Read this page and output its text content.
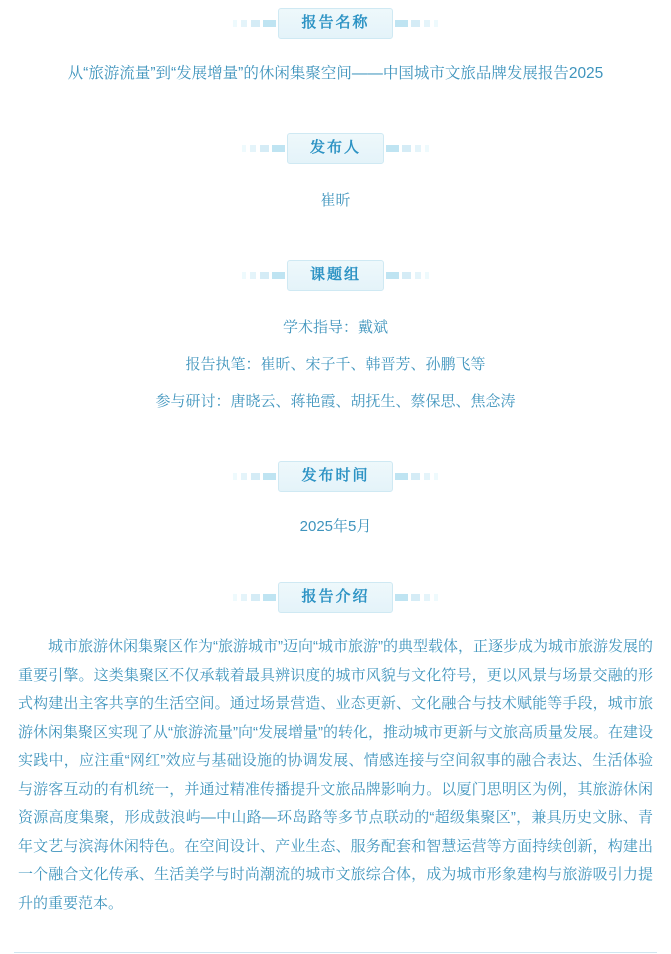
报告名称
从“旅游流量”到“发展增量”的休闲集聚空间——中国城市文旅品牌发展报告2025
发布人
崔昕
课题组
学术指导：戴斌
报告执笔：崔昕、宋子千、韩晋芳、孙鹏飞等
参与研讨：唐晓云、蒋艳霞、胡抚生、蔡保思、焦念涛
发布时间
2025年5月
报告介绍
城市旅游休闲集聚区作为“旅游城市”迈向“城市旅游”的典型载体，正逐步成为城市旅游发展的重要引擎。这类集聚区不仅承载着最具辨识度的城市风貌与文化符号，更以风景与场景交融的形式构建出主客共享的生活空间。通过场景营造、业态更新、文化融合与技术赋能等手段，城市旅游休闲集聚区实现了从“旅游流量”向“发展增量”的转化，推动城市更新与文旅高质量发展。在建设实践中，应注重“网红”效应与基础设施的协调发展、情感连接与空间叙事的融合表达、生活体验与游客互动的有机统一，并通过精准传播提升文旅品牌影响力。以厦门思明区为例，其旅游休闲资源高度集聚，形成鼓浪屿—中山路—环岛路等多节点联动的“超级集聚区”，兼具历史文脉、青年文艺与滨海休闲特色。在空间设计、产业生态、服务配套和智慧运营等方面持续创新，构建出一个融合文化传承、生活美学与时尚潮流的城市文旅综合体，成为城市形象建构与旅游吸引力提升的重要范本。
